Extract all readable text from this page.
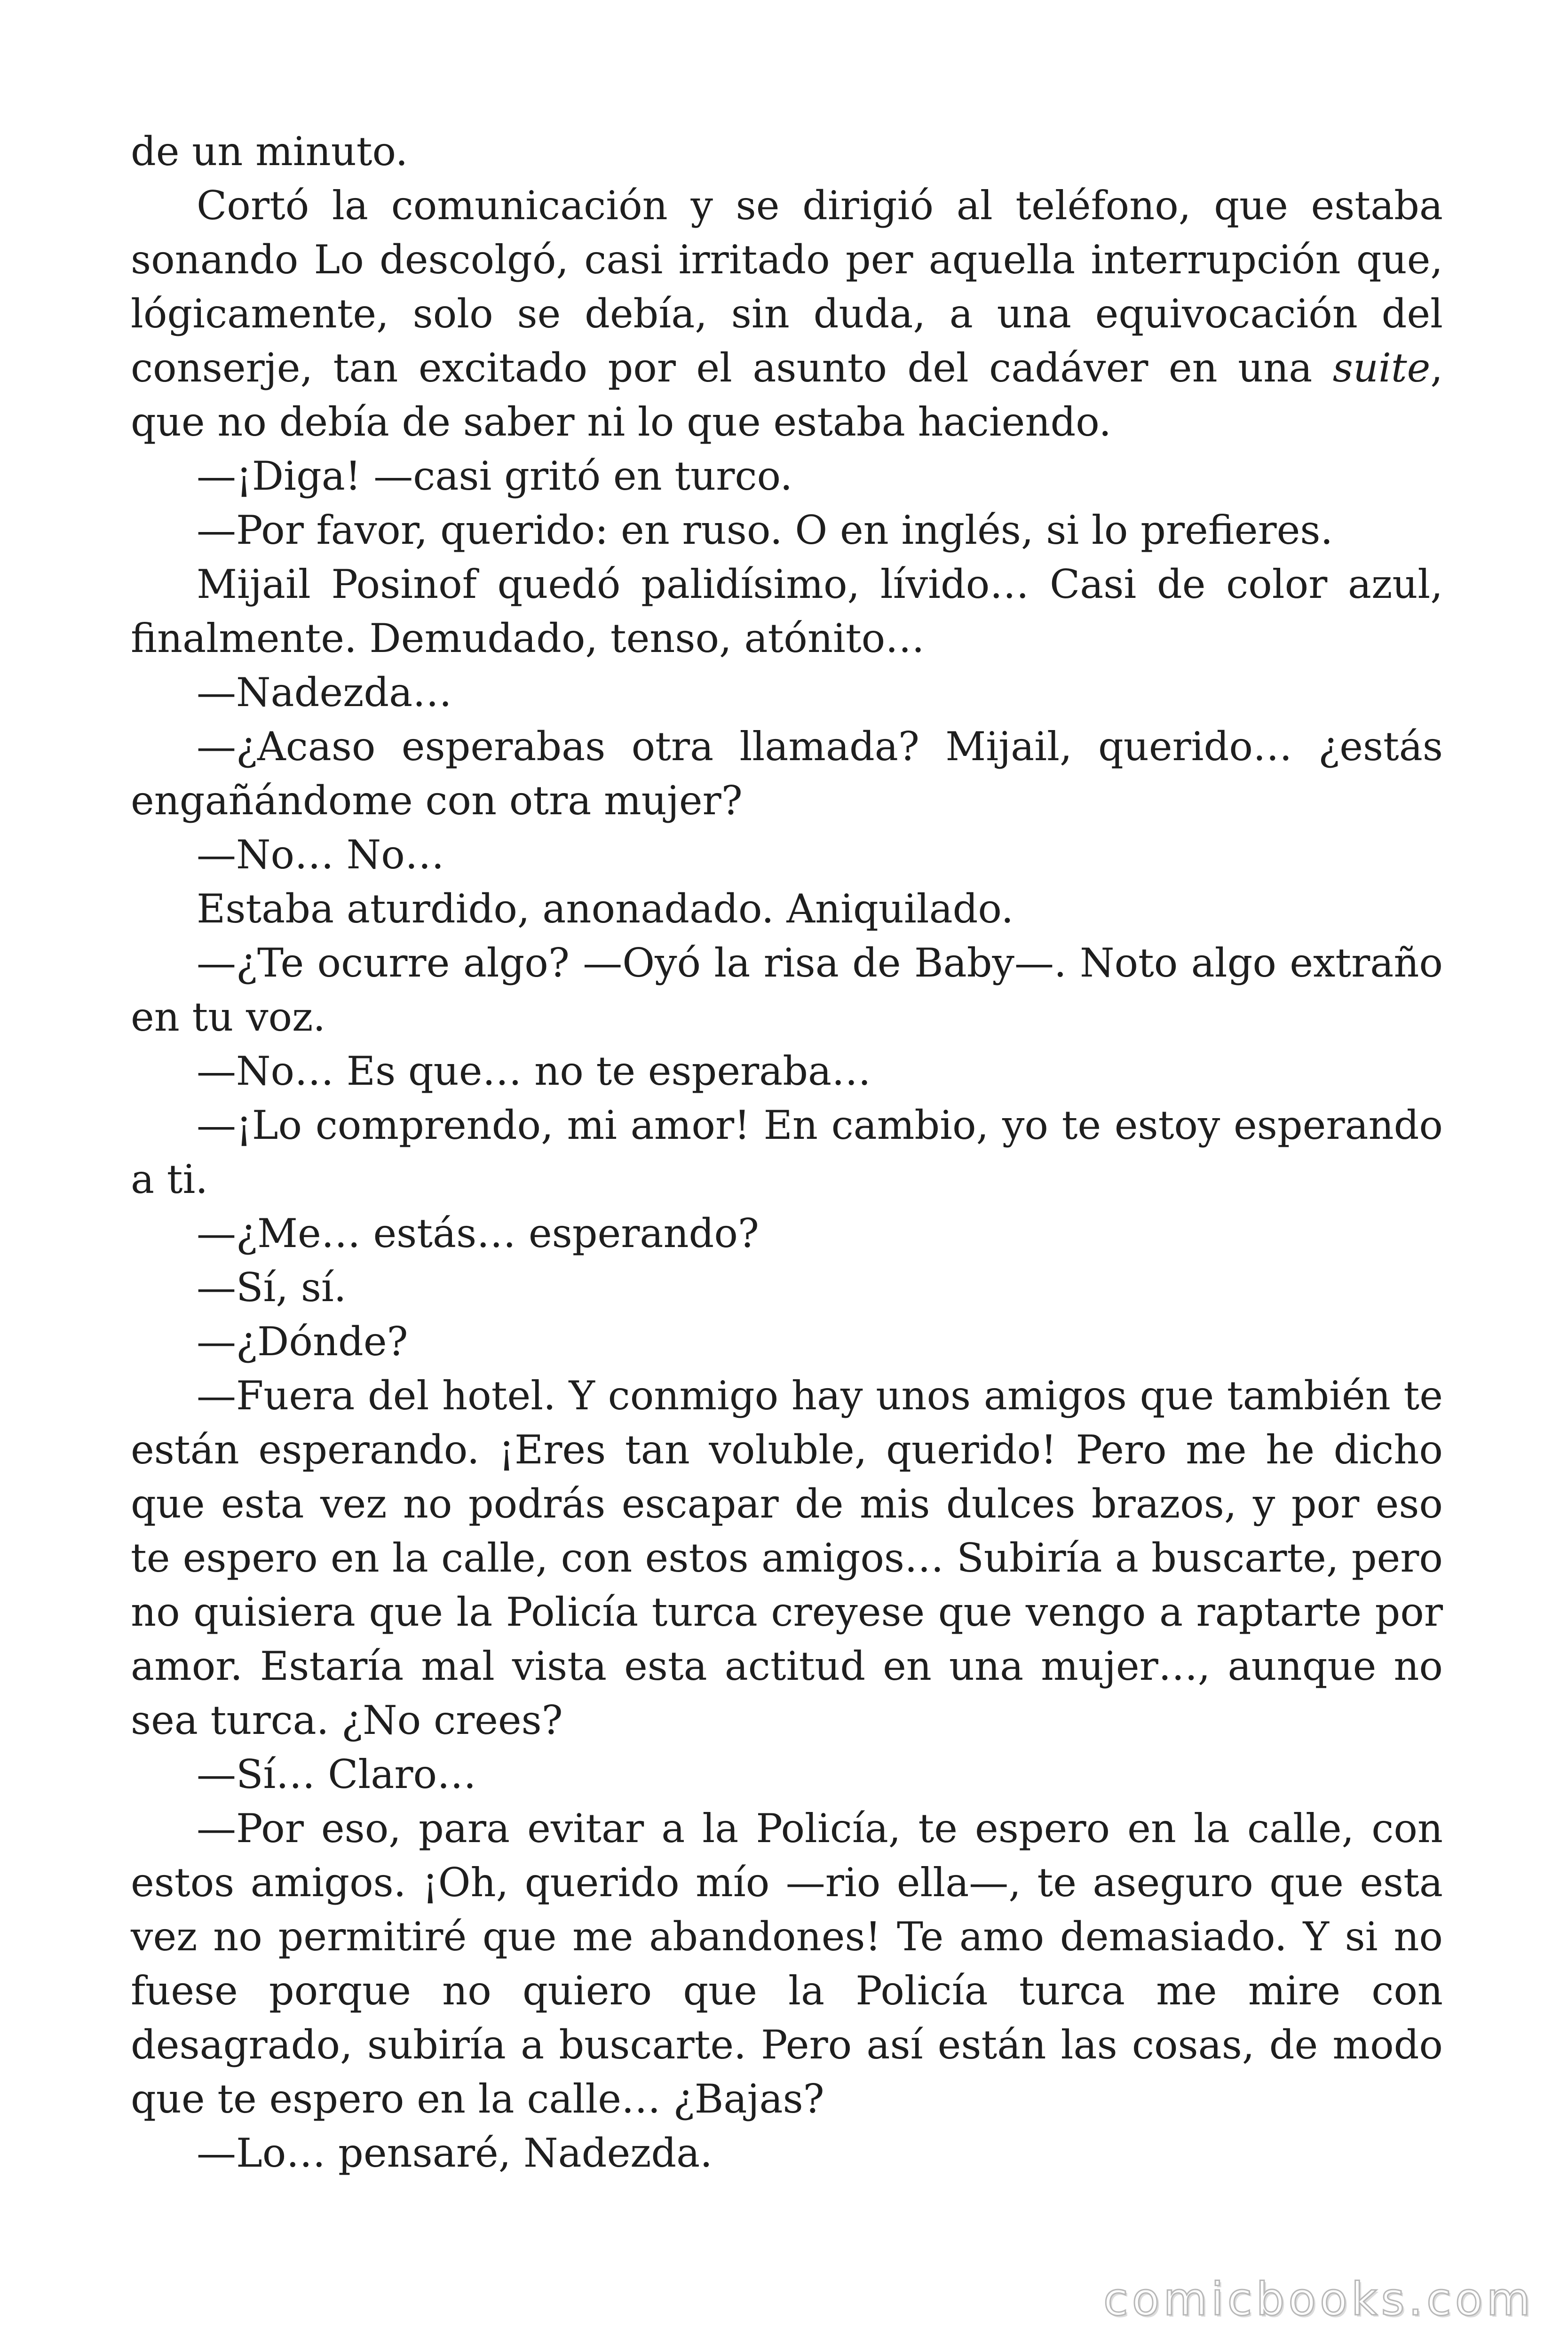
de un minuto.

Cortó la comunicación y se dirigió al teléfono, que estaba sonando Lo descolgó, casi irritado per aquella interrupción que, lógicamente, solo se debía, sin duda, a una equivocación del conserje, tan excitado por el asunto del cadáver en una suite, que no debía de saber ni lo que estaba haciendo.

—¡Diga! —casi gritó en turco.

—Por favor, querido: en ruso. O en inglés, si lo prefieres.

Mijail Posinof quedó palidísimo, lívido… Casi de color azul, finalmente. Demudado, tenso, atónito…

—Nadezda…

—¿Acaso esperabas otra llamada? Mijail, querido… ¿estás engañándome con otra mujer?

—No… No…

Estaba aturdido, anonadado. Aniquilado.

—¿Te ocurre algo? —Oyó la risa de Baby—. Noto algo extraño en tu voz.

—No… Es que… no te esperaba…

—¡Lo comprendo, mi amor! En cambio, yo te estoy esperando a ti.

—¿Me… estás… esperando?

—Sí, sí.

—¿Dónde?

—Fuera del hotel. Y conmigo hay unos amigos que también te están esperando. ¡Eres tan voluble, querido! Pero me he dicho que esta vez no podrás escapar de mis dulces brazos, y por eso te espero en la calle, con estos amigos… Subiría a buscarte, pero no quisiera que la Policía turca creyese que vengo a raptarte por amor. Estaría mal vista esta actitud en una mujer…, aunque no sea turca. ¿No crees?

—Sí… Claro…

—Por eso, para evitar a la Policía, te espero en la calle, con estos amigos. ¡Oh, querido mío —rio ella—, te aseguro que esta vez no permitiré que me abandones! Te amo demasiado. Y si no fuese porque no quiero que la Policía turca me mire con desagrado, subiría a buscarte. Pero así están las cosas, de modo que te espero en la calle… ¿Bajas?

—Lo… pensaré, Nadezda.

comicbooks.com
